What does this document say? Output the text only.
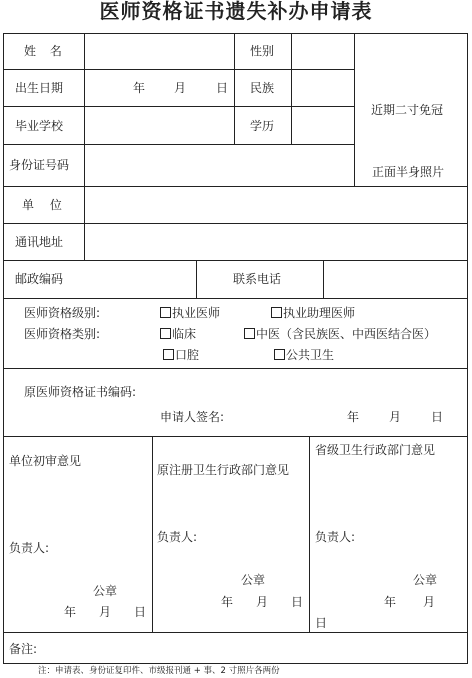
医师资格证书遗失补办申请表
姓 名	性别
出生日期	年 月 日 民族
毕业学校	学历
身份证号码
单 位
通讯地址
邮政编码	联系电话
近期二寸免冠
正面半身照片
医师资格级别:	执业医师	执业助理医师
医师资格类别:	临床	中医（含民族医、中西医结合医）
口腔	公共卫生
原医师资格证书编码:
申请人签名:	年 月 日
单位初审意见
负责人:
公章
年 月 日
原注册卫生行政部门意见
负责人:
公章
年 月 日
省级卫生行政部门意见
负责人:
公章
年 月
日
备注:
注：申请表、身份证复印件、市级报刊通 + 事、2 寸照片各两份
